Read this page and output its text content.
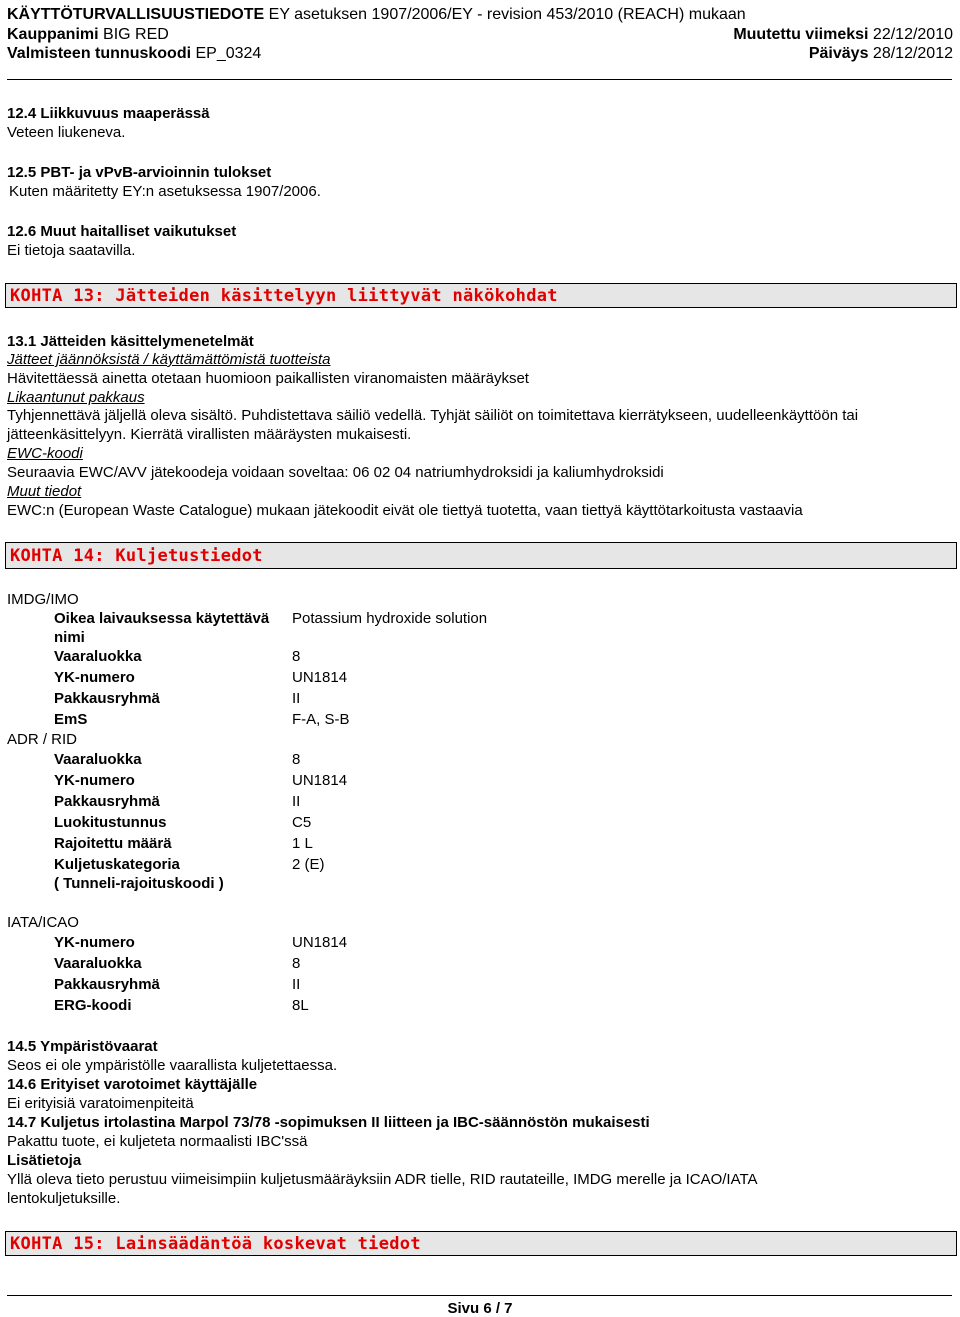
KÄYTTÖTURVALLISUUSTIEDOTE EY asetuksen 1907/2006/EY - revision 453/2010 (REACH) mukaan
Kauppanimi BIG RED	Muutettu viimeksi 22/12/2010
Valmisteen tunnuskoodi EP_0324	Päiväys 28/12/2012
12.4 Liikkuvuus maaperässä
Veteen liukeneva.
12.5 PBT- ja vPvB-arvioinnin tulokset
Kuten määritetty EY:n asetuksessa 1907/2006.
12.6 Muut haitalliset vaikutukset
Ei tietoja saatavilla.
KOHTA 13: Jätteiden käsittelyyn liittyvät näkökohdat
13.1 Jätteiden käsittelymenetelmät
Jätteet jäännöksistä / käyttämättömistä tuotteista
Hävitettäessä ainetta otetaan huomioon paikallisten viranomaisten määräykset
Likaantunut pakkaus
Tyhjennettävä jäljellä oleva sisältö. Puhdistettava säiliö vedellä. Tyhjät säiliöt on toimitettava kierrätykseen, uudelleenkäyttöön tai jätteenkäsittelyyn. Kierrätä virallisten määräysten mukaisesti.
EWC-koodi
Seuraavia EWC/AVV jätekoodeja voidaan soveltaa: 06 02 04 natriumhydroksidi ja kaliumhydroksidi
Muut tiedot
EWC:n (European Waste Catalogue) mukaan jätekoodit eivät ole tiettyä tuotetta, vaan tiettyä käyttötarkoitusta vastaavia
KOHTA 14: Kuljetustiedot
IMDG/IMO
Oikea laivauksessa käytettävä
nimi
Potassium hydroxide solution
Vaaraluokka	8
YK-numero	UN1814
Pakkausryhmä	II
EmS	F-A, S-B
ADR / RID
Vaaraluokka	8
YK-numero	UN1814
Pakkausryhmä	II
Luokitustunnus	C5
Rajoitettu määrä	1 L
Kuljetuskategoria	2 (E)
( Tunneli-rajoituskoodi )
IATA/ICAO
YK-numero	UN1814
Vaaraluokka	8
Pakkausryhmä	II
ERG-koodi	8L
14.5 Ympäristövaarat
Seos ei ole ympäristölle vaarallista kuljetettaessa.
14.6 Erityiset varotoimet käyttäjälle
Ei erityisiä varatoimenpiteitä
14.7 Kuljetus irtolastina Marpol 73/78 -sopimuksen II liitteen ja IBC-säännöstön mukaisesti
Pakattu tuote, ei kuljeteta normaalisti IBC'ssä
Lisätietoja
Yllä oleva tieto perustuu viimeisimpiin kuljetusmääräyksiin ADR tielle, RID rautateille, IMDG merelle ja ICAO/IATA lentokuljetuksille.
KOHTA 15: Lainsäädäntöä koskevat tiedot
Sivu 6 / 7
